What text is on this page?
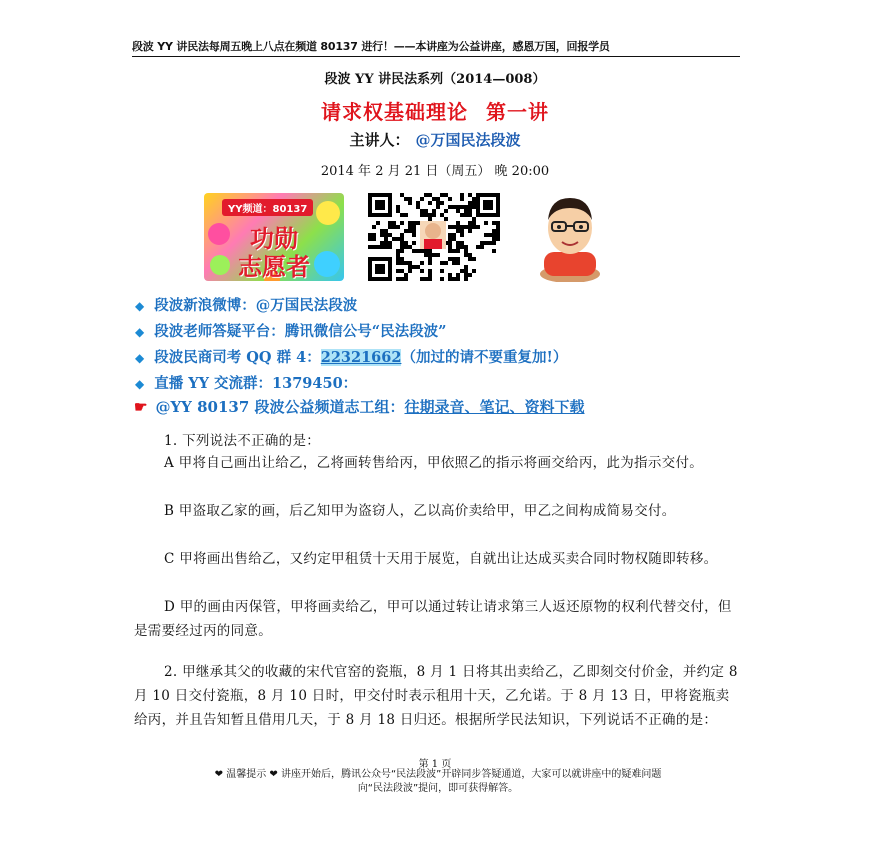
段波 YY 讲民法每周五晚上八点在频道 80137 进行！——本讲座为公益讲座，感恩万国，回报学员
段波 YY 讲民法系列（2014—008）
请求权基础理论 第一讲
主讲人： @万国民法段波
2014 年 2 月 21 日（周五） 晚 20:00
YY频道：80137
功勋
志愿者
◆ 段波新浪微博：@万国民法段波
◆ 段波老师答疑平台：腾讯微信公号“民法段波”
◆ 段波民商司考 QQ 群 4：22321662（加过的请不要重复加!）
◆ 直播 YY 交流群：1379450：
☛ @YY 80137 段波公益频道志工组：往期录音、笔记、资料下载
1. 下列说法不正确的是：
A 甲将自己画出让给乙，乙将画转售给丙，甲依照乙的指示将画交给丙，此为指示交付。
B 甲盗取乙家的画，后乙知甲为盗窃人，乙以高价卖给甲，甲乙之间构成简易交付。
C 甲将画出售给乙，又约定甲租赁十天用于展览，自就出让达成买卖合同时物权随即转移。
D 甲的画由丙保管，甲将画卖给乙，甲可以通过转让请求第三人返还原物的权利代替交付，但是需要经过丙的同意。
2. 甲继承其父的收藏的宋代官窑的瓷瓶，8 月 1 日将其出卖给乙，乙即刻交付价金，并约定 8 月 10 日交付瓷瓶，8 月 10 日时，甲交付时表示租用十天，乙允诺。于 8 月 13 日，甲将瓷瓶卖给丙，并且告知暂且借用几天，于 8 月 18 日归还。根据所学民法知识，下列说话不正确的是：
第 1 页
❤ 温馨提示 ❤ 讲座开始后，腾讯公众号“民法段波”开辟同步答疑通道，大家可以就讲座中的疑难问题
向“民法段波”提问，即可获得解答。
